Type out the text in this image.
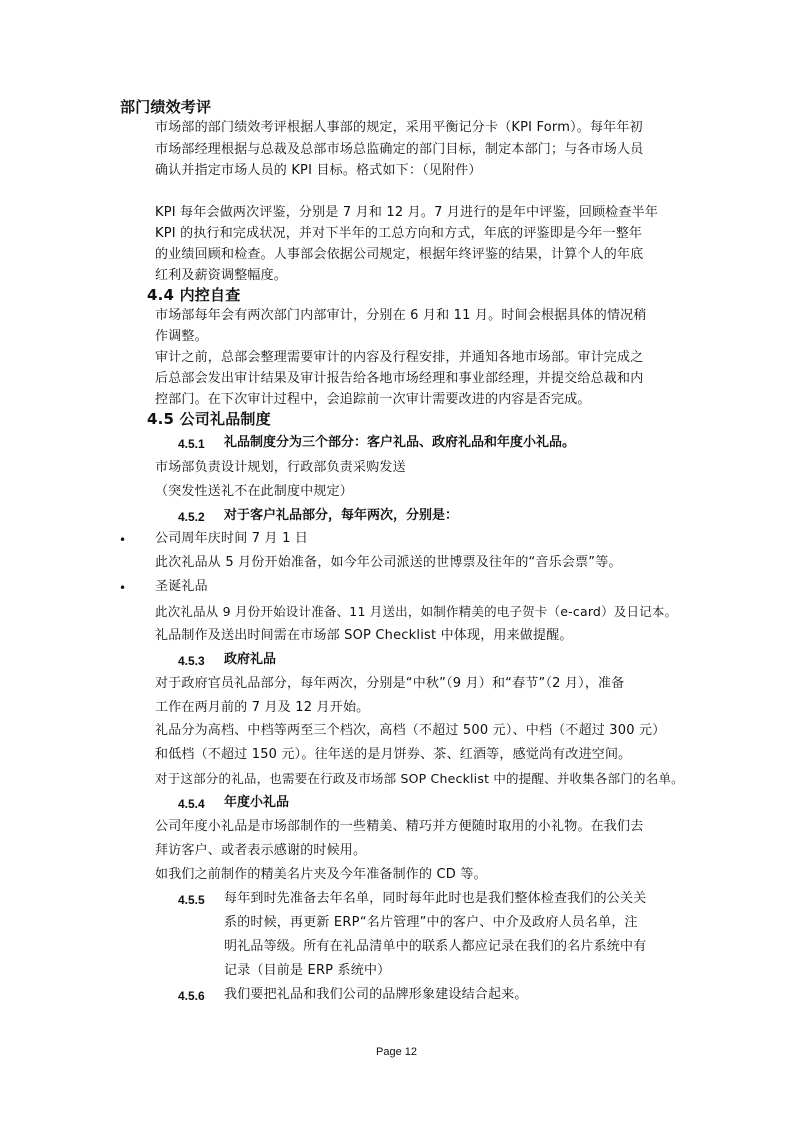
部门绩效考评
市场部的部门绩效考评根据人事部的规定，采用平衡记分卡（KPI Form）。每年年初
市场部经理根据与总裁及总部市场总监确定的部门目标，制定本部门；与各市场人员
确认并指定市场人员的 KPI 目标。格式如下：（见附件）
KPI 每年会做两次评鉴，分别是 7 月和 12 月。7 月进行的是年中评鉴，回顾检查半年
KPI 的执行和完成状况，并对下半年的工总方向和方式，年底的评鉴即是今年一整年
的业绩回顾和检查。人事部会依据公司规定，根据年终评鉴的结果，计算个人的年底
红利及薪资调整幅度。
4.4 内控自查
市场部每年会有两次部门内部审计，分别在 6 月和 11 月。时间会根据具体的情况稍
作调整。
审计之前，总部会整理需要审计的内容及行程安排，并通知各地市场部。审计完成之
后总部会发出审计结果及审计报告给各地市场经理和事业部经理，并提交给总裁和内
控部门。在下次审计过程中，会追踪前一次审计需要改进的内容是否完成。
4.5 公司礼品制度
4.5.1 礼品制度分为三个部分：客户礼品、政府礼品和年度小礼品。
市场部负责设计规划，行政部负责采购发送
（突发性送礼不在此制度中规定）
4.5.2 对于客户礼品部分，每年两次，分别是：
• 公司周年庆时间 7 月 1 日
此次礼品从 5 月份开始准备，如今年公司派送的世博票及往年的“音乐会票”等。
• 圣诞礼品
此次礼品从 9 月份开始设计准备、11 月送出，如制作精美的电子贺卡（e-card）及日记本。
礼品制作及送出时间需在市场部 SOP Checklist 中体现，用来做提醒。
4.5.3 政府礼品
对于政府官员礼品部分，每年两次，分别是“中秋”（9 月）和“春节”（2 月），准备
工作在两月前的 7 月及 12 月开始。
礼品分为高档、中档等两至三个档次，高档（不超过 500 元）、中档（不超过 300 元）
和低档（不超过 150 元）。往年送的是月饼券、茶、红酒等，感觉尚有改进空间。
对于这部分的礼品，也需要在行政及市场部 SOP Checklist 中的提醒、并收集各部门的名单。
4.5.4 年度小礼品
公司年度小礼品是市场部制作的一些精美、精巧并方便随时取用的小礼物。在我们去
拜访客户、或者表示感谢的时候用。
如我们之前制作的精美名片夹及今年准备制作的 CD 等。
4.5.5 每年到时先准备去年名单，同时每年此时也是我们整体检查我们的公关关
系的时候，再更新 ERP“名片管理”中的客户、中介及政府人员名单，注
明礼品等级。所有在礼品清单中的联系人都应记录在我们的名片系统中有
记录（目前是 ERP 系统中）
4.5.6 我们要把礼品和我们公司的品牌形象建设结合起来。
Page 12
